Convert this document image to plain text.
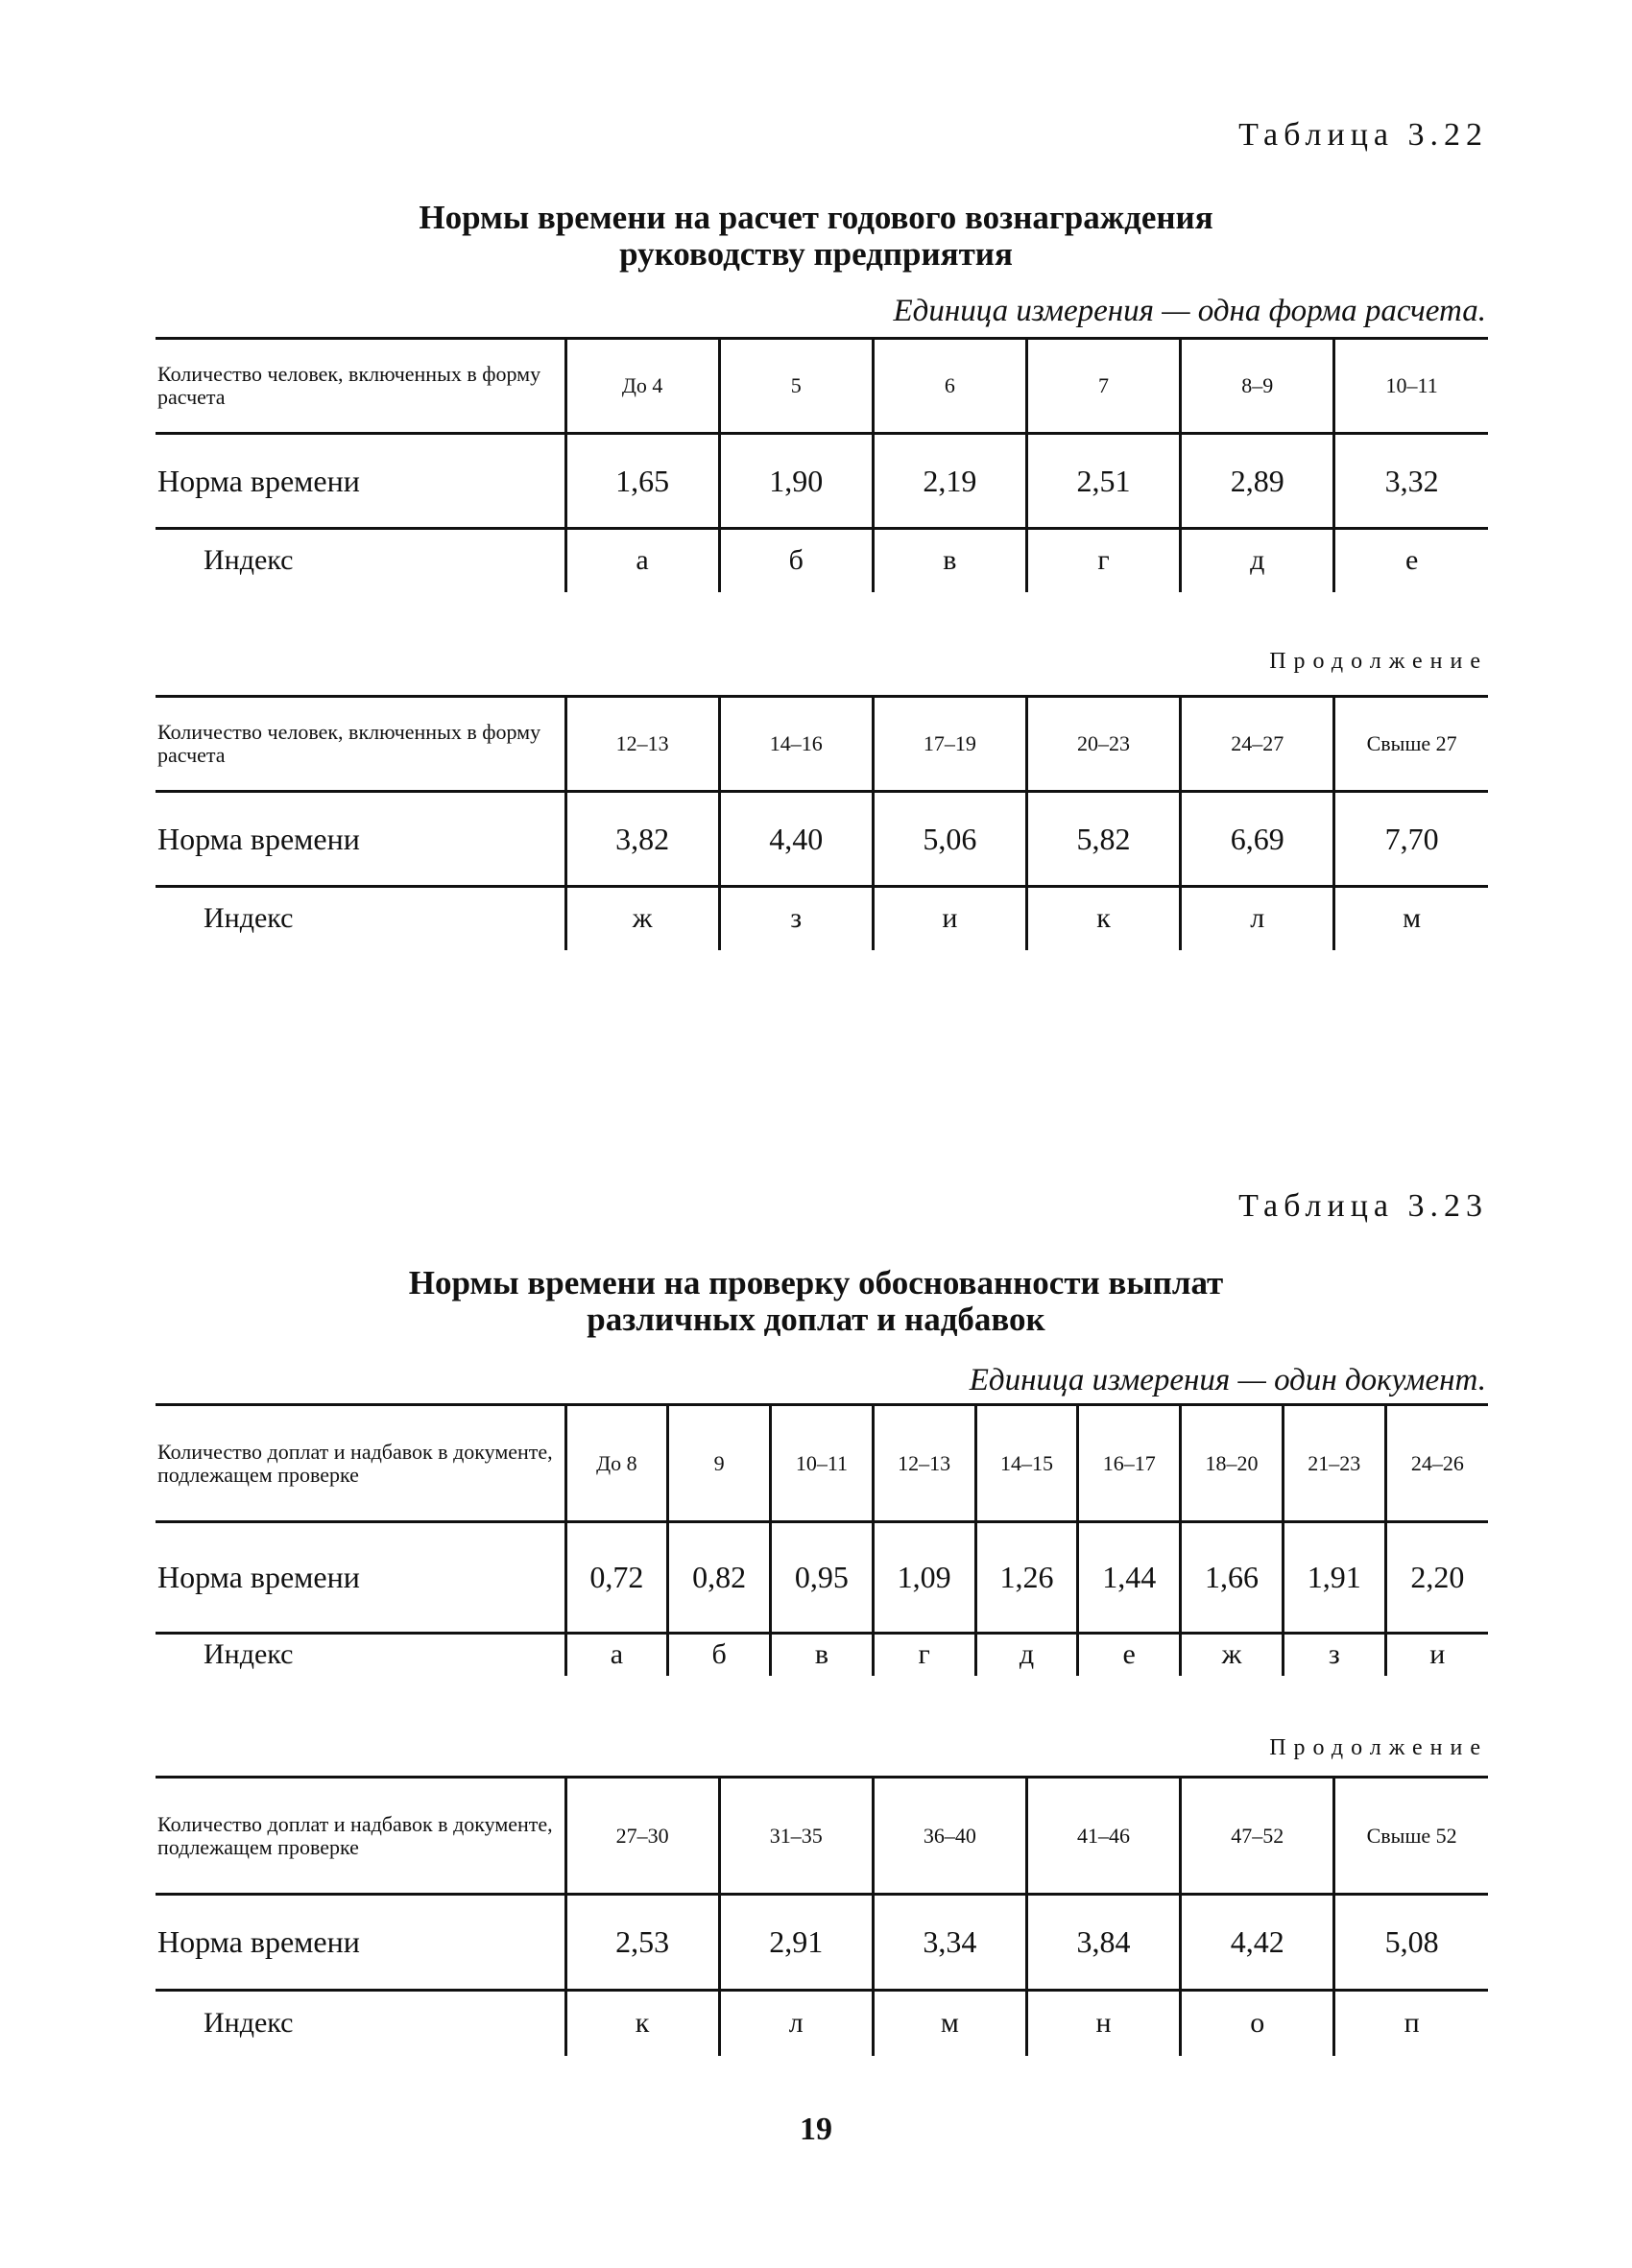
Таблица 3.22
Нормы времени на расчет годового вознаграждения
руководству предприятия
Единица измерения — одна форма расчета.
Количество человек, включенных в форму расчета	До 4	5	6	7	8–9	10–11
Норма времени	1,65	1,90	2,19	2,51	2,89	3,32
Индекс	а	б	в	г	д	е
Продолжение
Количество человек, включенных в форму расчета	12–13	14–16	17–19	20–23	24–27	Свыше 27
Норма времени	3,82	4,40	5,06	5,82	6,69	7,70
Индекс	ж	з	и	к	л	м
Таблица 3.23
Нормы времени на проверку обоснованности выплат
различных доплат и надбавок
Единица измерения — один документ.
Количество доплат и надбавок в документе, подлежащем проверке	До 8	9	10–11	12–13	14–15	16–17	18–20	21–23	24–26
Норма времени	0,72	0,82	0,95	1,09	1,26	1,44	1,66	1,91	2,20
Индекс	а	б	в	г	д	е	ж	з	и
Продолжение
Количество доплат и надбавок в документе, подлежащем проверке	27–30	31–35	36–40	41–46	47–52	Свыше 52
Норма времени	2,53	2,91	3,34	3,84	4,42	5,08
Индекс	к	л	м	н	о	п
19
